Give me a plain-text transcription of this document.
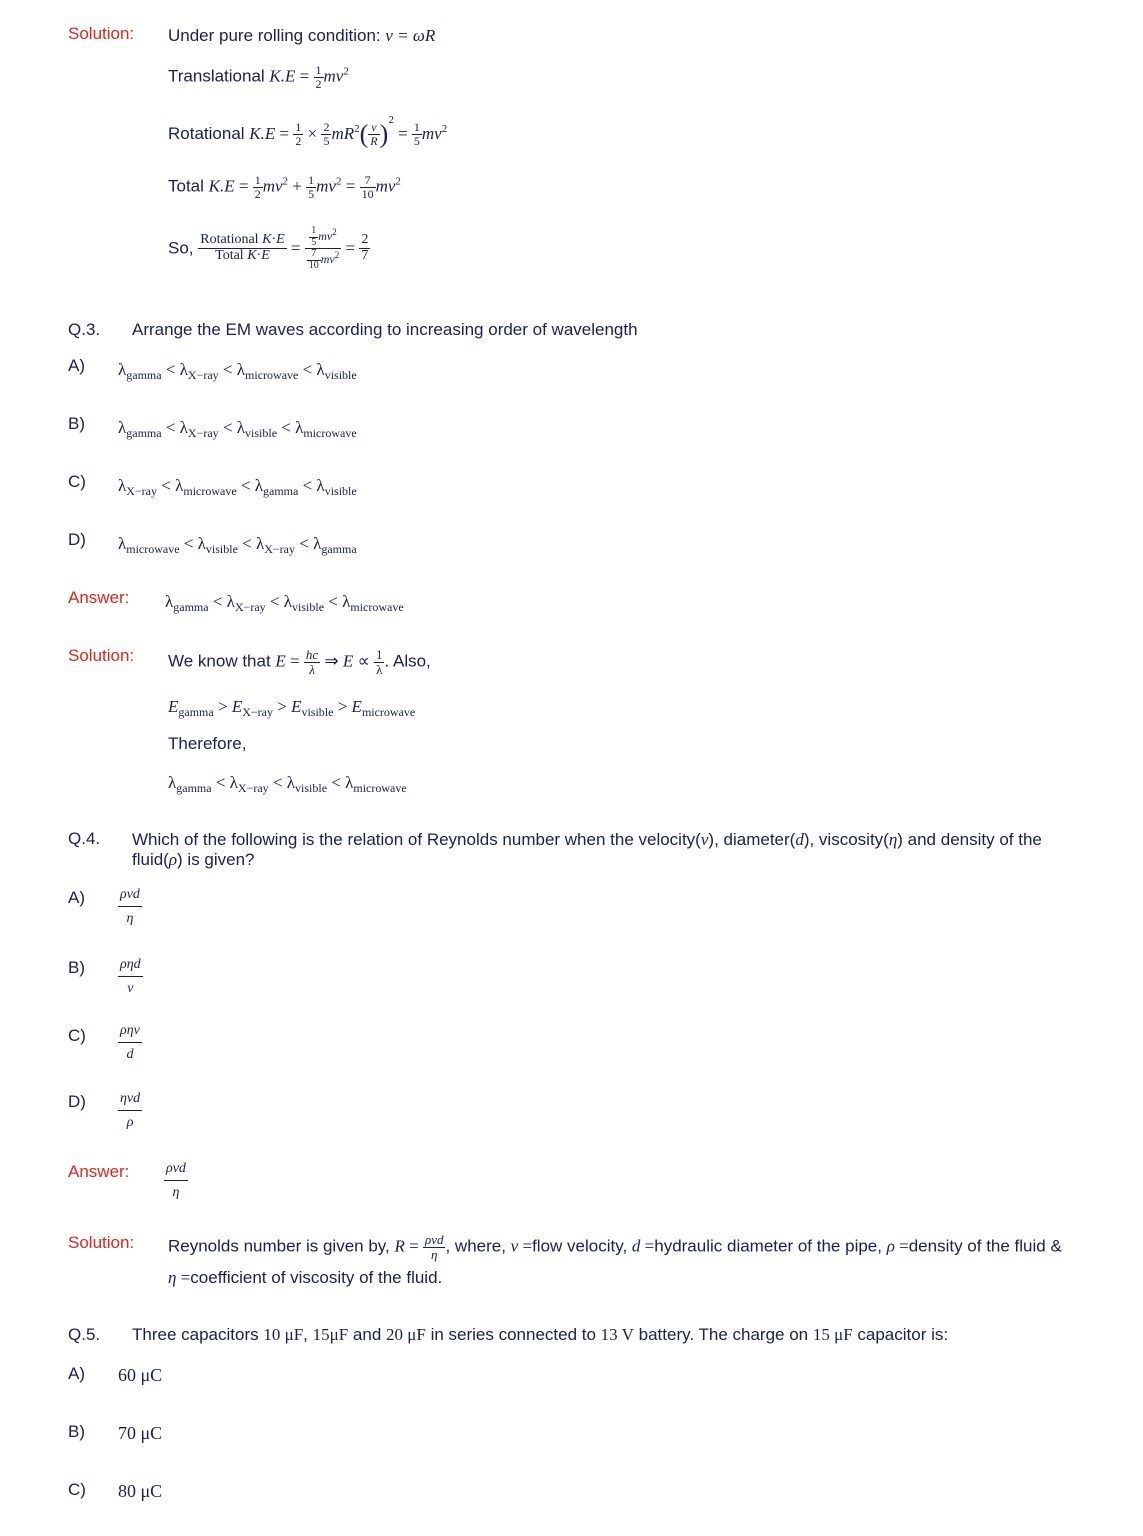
Solution: Under pure rolling condition: v = ωR
Translational $K.E = \frac{1}{2} mv^2$
Rotational $K.E = \frac{1}{2} \times \frac{2}{5} mR^2( \frac{v}{R} )^2 = \frac{1}{5} mv^2$
Total $K.E = \frac{1}{2} mv^2 + \frac{1}{5} mv^2 = \frac{7}{10} mv^2$
So, $\frac{\text{Rotational K·E}}{\text{Total K·E}} = \frac{\frac{1}{5} mv^2}{\frac{7}{10} mv^2} = \frac{2}{7}$
Q.3. Arrange the EM waves according to increasing order of wavelength
A) $\lambda_{gamma} < \lambda_{X-ray} < \lambda_{microwave} < \lambda_{visible}$
B) $\lambda_{gamma} < \lambda_{X-ray} < \lambda_{visible} < \lambda_{microwave}$
C) $\lambda_{X-ray} < \lambda_{microwave} < \lambda_{gamma} < \lambda_{visible}$
D) $\lambda_{microwave} < \lambda_{visible} < \lambda_{X-ray} < \lambda_{gamma}$
Answer: $\lambda_{gamma} < \lambda_{X-ray} < \lambda_{visible} < \lambda_{microwave}$
Solution: We know that $E = \frac{hc}{\lambda}$ ⇒ $E \propto \frac{1}{\lambda}$ . Also,
$E_{gamma} > E_{X-ray} > E_{visible} > E_{microwave}$
Therefore,
$\lambda_{gamma} < \lambda_{X-ray} < \lambda_{visible} < \lambda_{microwave}$
Q.4. Which of the following is the relation of Reynolds number when the velocity(v), diameter(d), viscosity(η) and density of the
fluid(ρ) is given?
A)	ρvd
η
B)	ρηd
v
C) ρηv
d
D) ηvd
ρ
Answer:	ρvd
η
Solution: Reynolds number is given by, $R = \frac{\text{ρvd}}{\eta}$ , where, v =flow velocity, d =hydraulic diameter of the pipe, ρ =density of the fluid &
η =coefficient of viscosity of the fluid.
Q.5. Three capacitors 10 μF, 15μF and 20 μF in series connected to 13 V battery. The charge on 15 μF capacitor is:
A) 60 μC
B) 70 μC
C) 80 μC
